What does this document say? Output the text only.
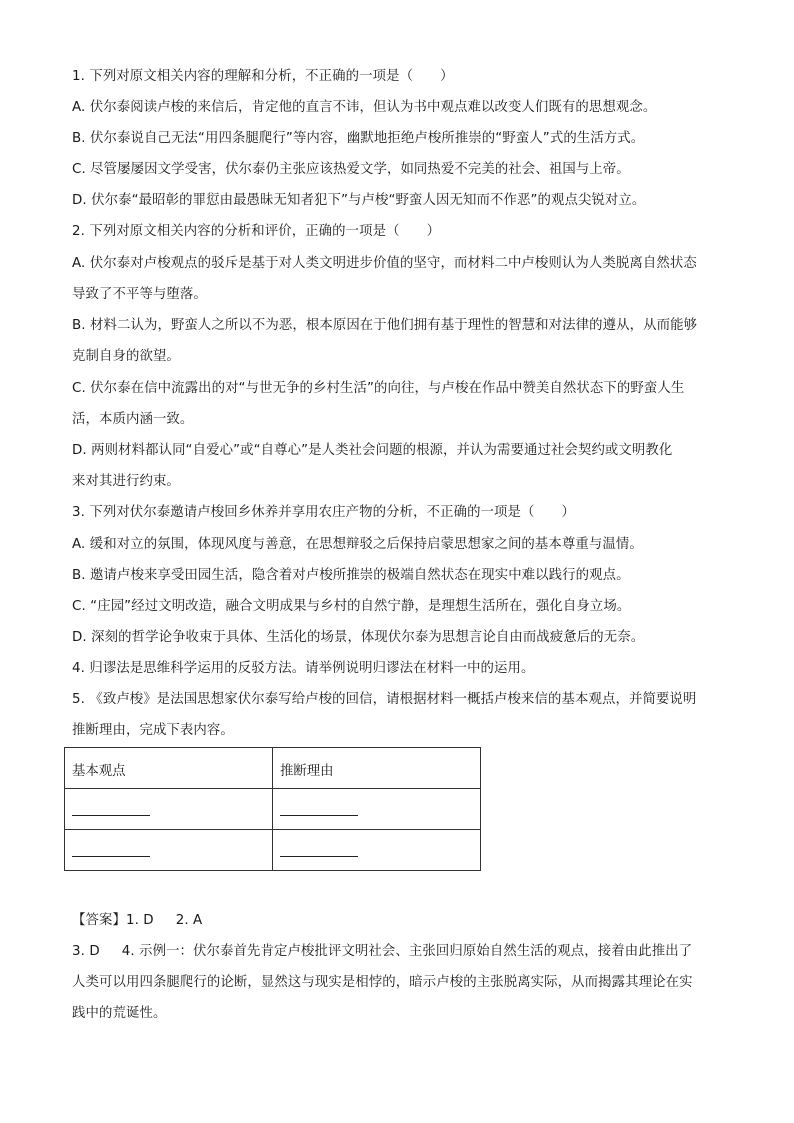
1. 下列对原文相关内容的理解和分析，不正确的一项是（　　）
A. 伏尔泰阅读卢梭的来信后，肯定他的直言不讳，但认为书中观点难以改变人们既有的思想观念。
B. 伏尔泰说自己无法“用四条腿爬行”等内容，幽默地拒绝卢梭所推崇的“野蛮人”式的生活方式。
C. 尽管屡屡因文学受害，伏尔泰仍主张应该热爱文学，如同热爱不完美的社会、祖国与上帝。
D. 伏尔泰“最昭彰的罪愆由最愚昧无知者犯下”与卢梭“野蛮人因无知而不作恶”的观点尖锐对立。
2. 下列对原文相关内容的分析和评价，正确的一项是（　　）
A. 伏尔泰对卢梭观点的驳斥是基于对人类文明进步价值的坚守，而材料二中卢梭则认为人类脱离自然状态
导致了不平等与堕落。
B. 材料二认为，野蛮人之所以不为恶，根本原因在于他们拥有基于理性的智慧和对法律的遵从，从而能够
克制自身的欲望。
C. 伏尔泰在信中流露出的对“与世无争的乡村生活”的向往，与卢梭在作品中赞美自然状态下的野蛮人生
活，本质内涵一致。
D. 两则材料都认同“自爱心”或“自尊心”是人类社会问题的根源，并认为需要通过社会契约或文明教化
来对其进行约束。
3. 下列对伏尔泰邀请卢梭回乡休养并享用农庄产物的分析，不正确的一项是（　　）
A. 缓和对立的氛围，体现风度与善意，在思想辩驳之后保持启蒙思想家之间的基本尊重与温情。
B. 邀请卢梭来享受田园生活，隐含着对卢梭所推崇的极端自然状态在现实中难以践行的观点。
C. “庄园”经过文明改造，融合文明成果与乡村的自然宁静，是理想生活所在，强化自身立场。
D. 深刻的哲学论争收束于具体、生活化的场景，体现伏尔泰为思想言论自由而战疲惫后的无奈。
4. 归谬法是思维科学运用的反驳方法。请举例说明归谬法在材料一中的运用。
5. 《致卢梭》是法国思想家伏尔泰写给卢梭的回信，请根据材料一概括卢梭来信的基本观点，并简要说明
推断理由，完成下表内容。
基本观点	推断理由

【答案】1. D 2. A
3. D 4. 示例一：伏尔泰首先肯定卢梭批评文明社会、主张回归原始自然生活的观点，接着由此推出了
人类可以用四条腿爬行的论断，显然这与现实是相悖的，暗示卢梭的主张脱离实际，从而揭露其理论在实
践中的荒诞性。
